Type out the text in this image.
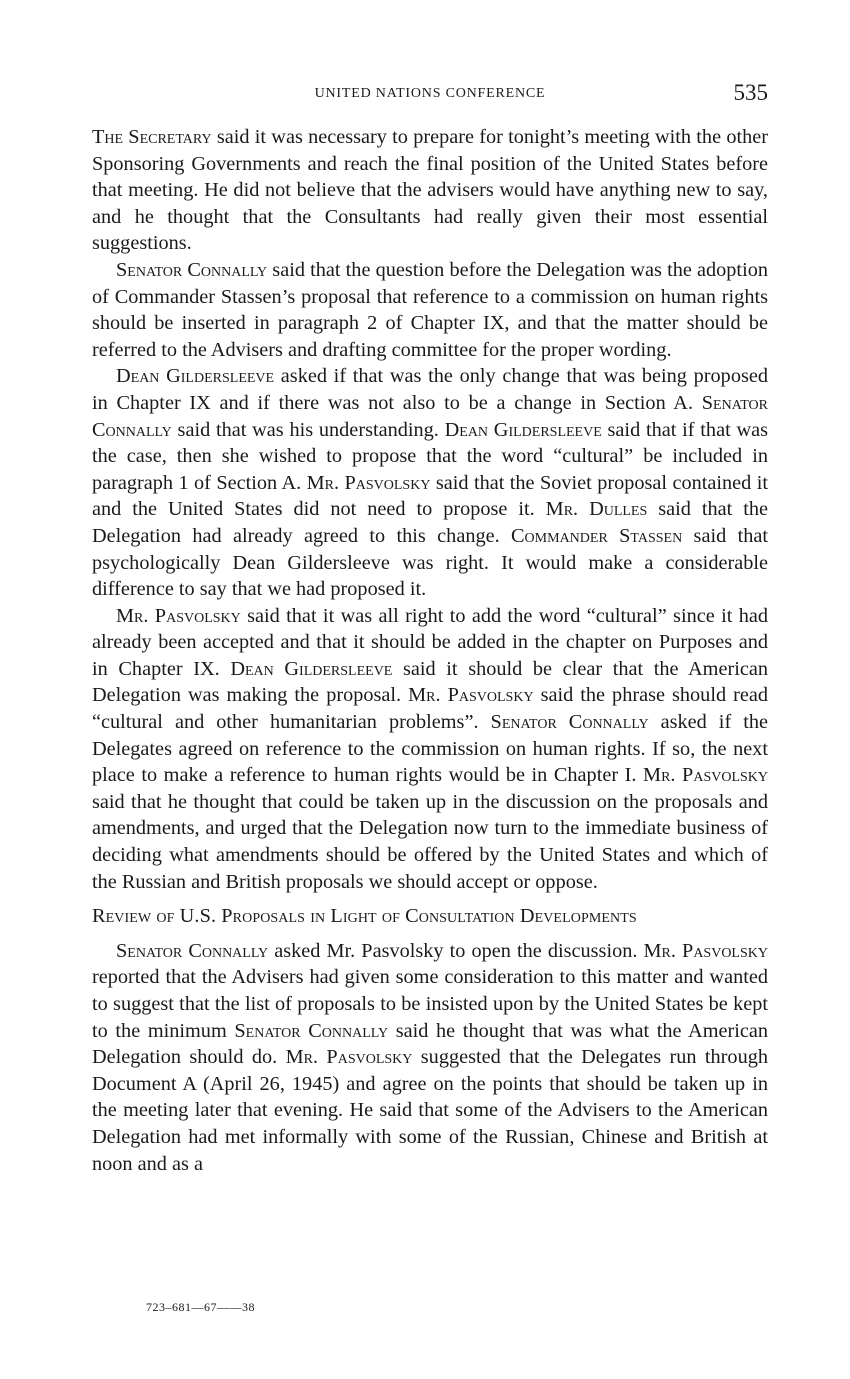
UNITED NATIONS CONFERENCE	535

The Secretary said it was necessary to prepare for tonight’s meeting with the other Sponsoring Governments and reach the final position of the United States before that meeting. He did not believe that the advisers would have anything new to say, and he thought that the Consultants had really given their most essential suggestions.

Senator Connally said that the question before the Delegation was the adoption of Commander Stassen’s proposal that reference to a commission on human rights should be inserted in paragraph 2 of Chapter IX, and that the matter should be referred to the Advisers and drafting committee for the proper wording.

Dean Gildersleeve asked if that was the only change that was being proposed in Chapter IX and if there was not also to be a change in Section A. Senator Connally said that was his understanding. Dean Gildersleeve said that if that was the case, then she wished to propose that the word “cultural” be included in paragraph 1 of Section A. Mr. Pasvolsky said that the Soviet proposal contained it and the United States did not need to propose it. Mr. Dulles said that the Delegation had already agreed to this change. Commander Stassen said that psychologically Dean Gildersleeve was right. It would make a considerable difference to say that we had proposed it.

Mr. Pasvolsky said that it was all right to add the word “cultural” since it had already been accepted and that it should be added in the chapter on Purposes and in Chapter IX. Dean Gildersleeve said it should be clear that the American Delegation was making the proposal. Mr. Pasvolsky said the phrase should read “cultural and other humanitarian problems”. Senator Connally asked if the Delegates agreed on reference to the commission on human rights. If so, the next place to make a reference to human rights would be in Chapter I. Mr. Pasvolsky said that he thought that could be taken up in the discussion on the proposals and amendments, and urged that the Delegation now turn to the immediate business of deciding what amendments should be offered by the United States and which of the Russian and British proposals we should accept or oppose.

Review of U.S. Proposals in Light of Consultation Developments

Senator Connally asked Mr. Pasvolsky to open the discussion. Mr. Pasvolsky reported that the Advisers had given some consideration to this matter and wanted to suggest that the list of proposals to be insisted upon by the United States be kept to the minimum Senator Connally said he thought that was what the American Delegation should do. Mr. Pasvolsky suggested that the Delegates run through Document A (April 26, 1945) and agree on the points that should be taken up in the meeting later that evening. He said that some of the Advisers to the American Delegation had met informally with some of the Russian, Chinese and British at noon and as a

723–681—67——38
